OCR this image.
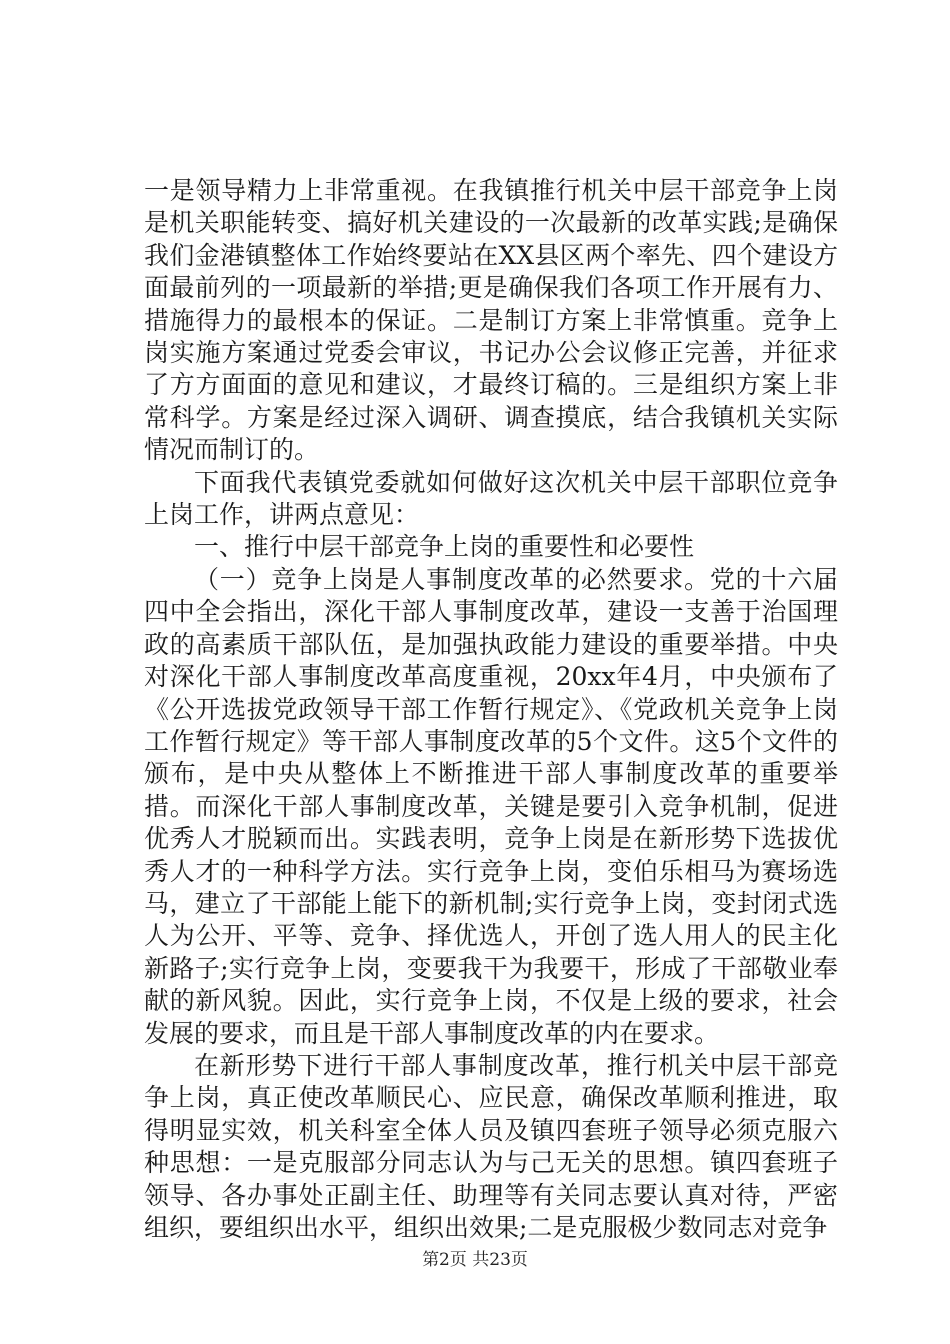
一是领导精力上非常重视。在我镇推行机关中层干部竞争上岗是机关职能转变、搞好机关建设的一次最新的改革实践;是确保我们金港镇整体工作始终要站在XX县区两个率先、四个建设方面最前列的一项最新的举措;更是确保我们各项工作开展有力、措施得力的最根本的保证。二是制订方案上非常慎重。竞争上岗实施方案通过党委会审议，书记办公会议修正完善，并征求了方方面面的意见和建议，才最终订稿的。三是组织方案上非常科学。方案是经过深入调研、调查摸底，结合我镇机关实际情况而制订的。

下面我代表镇党委就如何做好这次机关中层干部职位竞争上岗工作，讲两点意见：

一、推行中层干部竞争上岗的重要性和必要性

（一）竞争上岗是人事制度改革的必然要求。党的十六届四中全会指出，深化干部人事制度改革，建设一支善于治国理政的高素质干部队伍，是加强执政能力建设的重要举措。中央对深化干部人事制度改革高度重视，20xx年4月，中央颁布了《公开选拔党政领导干部工作暂行规定》、《党政机关竞争上岗工作暂行规定》等干部人事制度改革的5个文件。这5个文件的颁布，是中央从整体上不断推进干部人事制度改革的重要举措。而深化干部人事制度改革，关键是要引入竞争机制，促进优秀人才脱颖而出。实践表明，竞争上岗是在新形势下选拔优秀人才的一种科学方法。实行竞争上岗，变伯乐相马为赛场选马，建立了干部能上能下的新机制;实行竞争上岗，变封闭式选人为公开、平等、竞争、择优选人，开创了选人用人的民主化新路子;实行竞争上岗，变要我干为我要干，形成了干部敬业奉献的新风貌。因此，实行竞争上岗，不仅是上级的要求，社会发展的要求，而且是干部人事制度改革的内在要求。

在新形势下进行干部人事制度改革，推行机关中层干部竞争上岗，真正使改革顺民心、应民意，确保改革顺利推进，取得明显实效，机关科室全体人员及镇四套班子领导必须克服六种思想：一是克服部分同志认为与己无关的思想。镇四套班子领导、各办事处正副主任、助理等有关同志要认真对待，严密组织，要组织出水平，组织出效果;二是克服极少数同志对竞争

第2页 共23页
